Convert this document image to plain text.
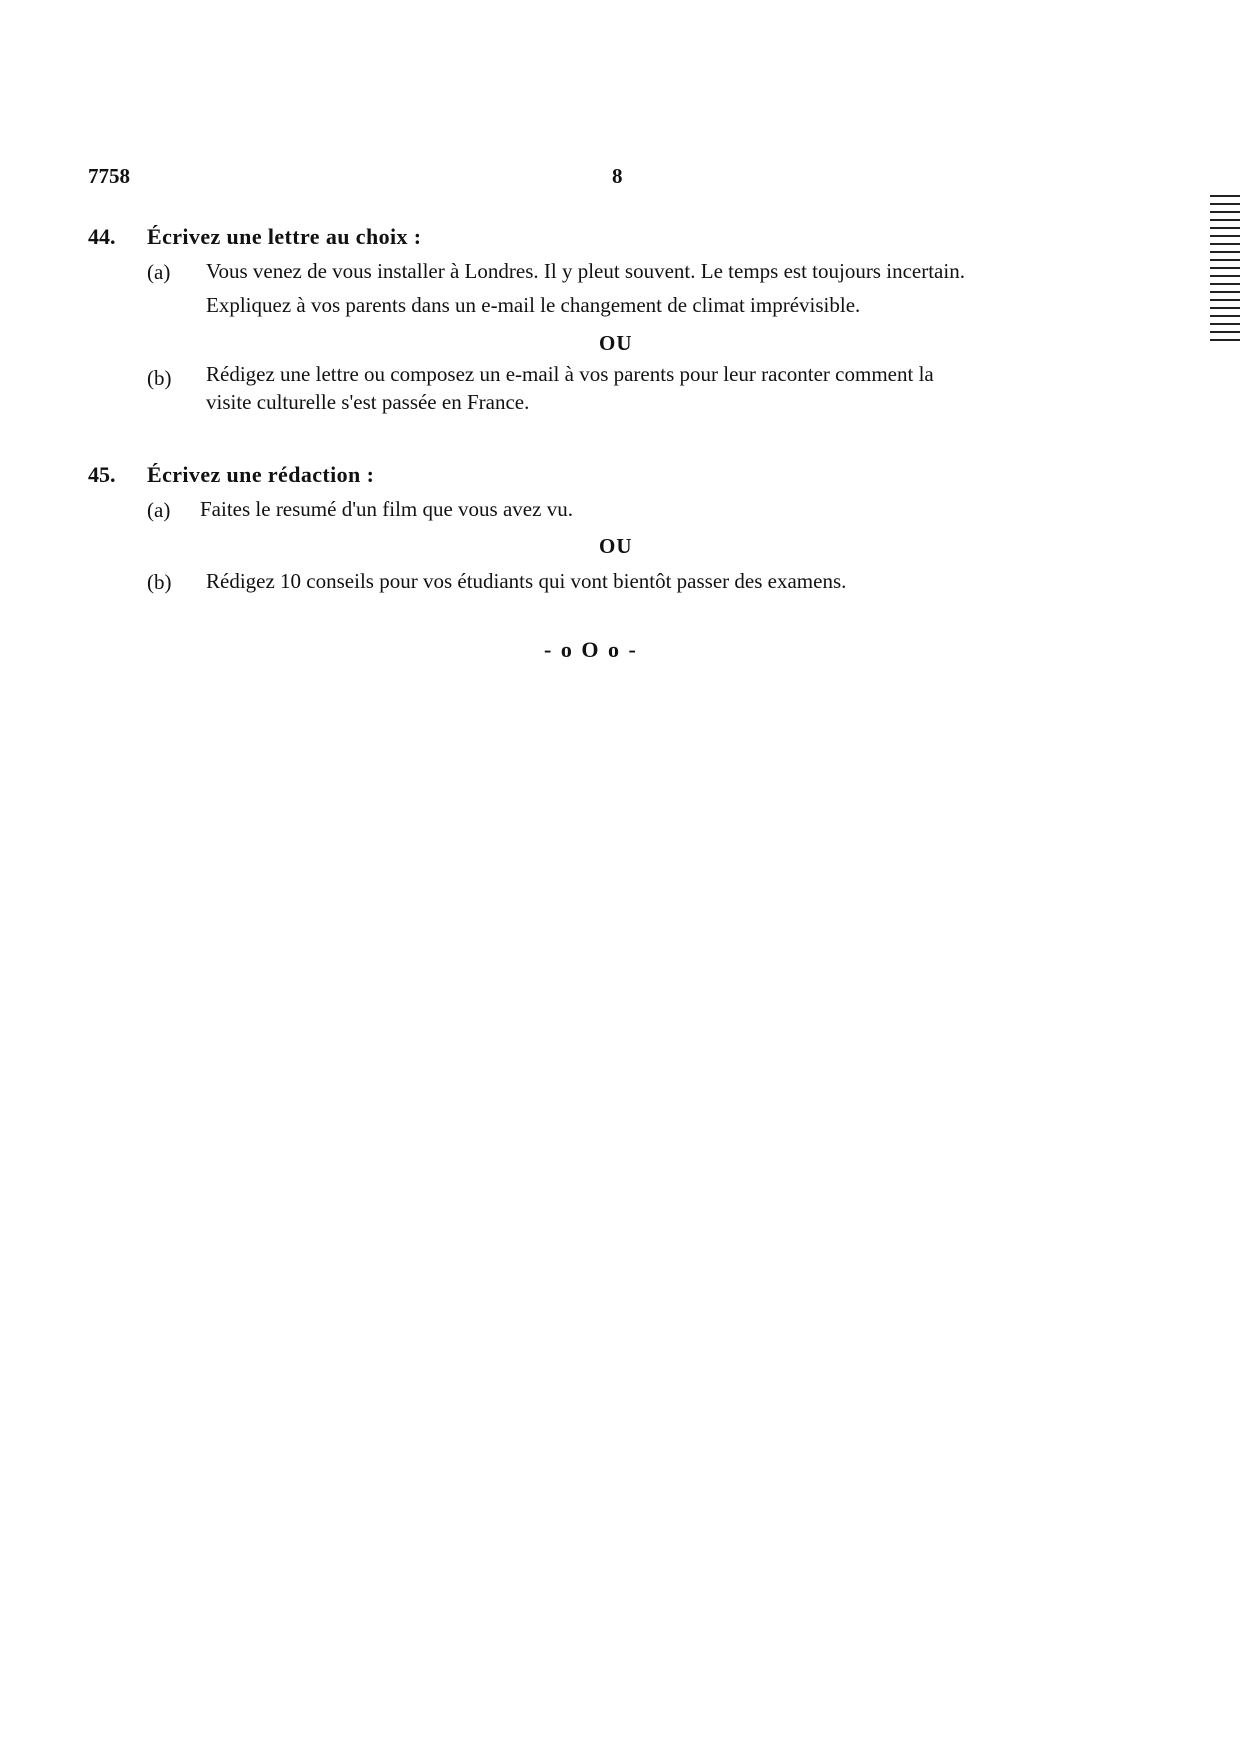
7758	8
44. Écrivez une lettre au choix :
(a) Vous venez de vous installer à Londres. Il y pleut souvent. Le temps est toujours incertain.
Expliquez à vos parents dans un e-mail le changement de climat imprévisible.
OU
(b) Rédigez une lettre ou composez un e-mail à vos parents pour leur raconter comment la
visite culturelle s'est passée en France.
45. Écrivez une rédaction :
(a) Faites le resumé d'un film que vous avez vu.
OU
(b) Rédigez 10 conseils pour vos étudiants qui vont bientôt passer des examens.
- o O o -
